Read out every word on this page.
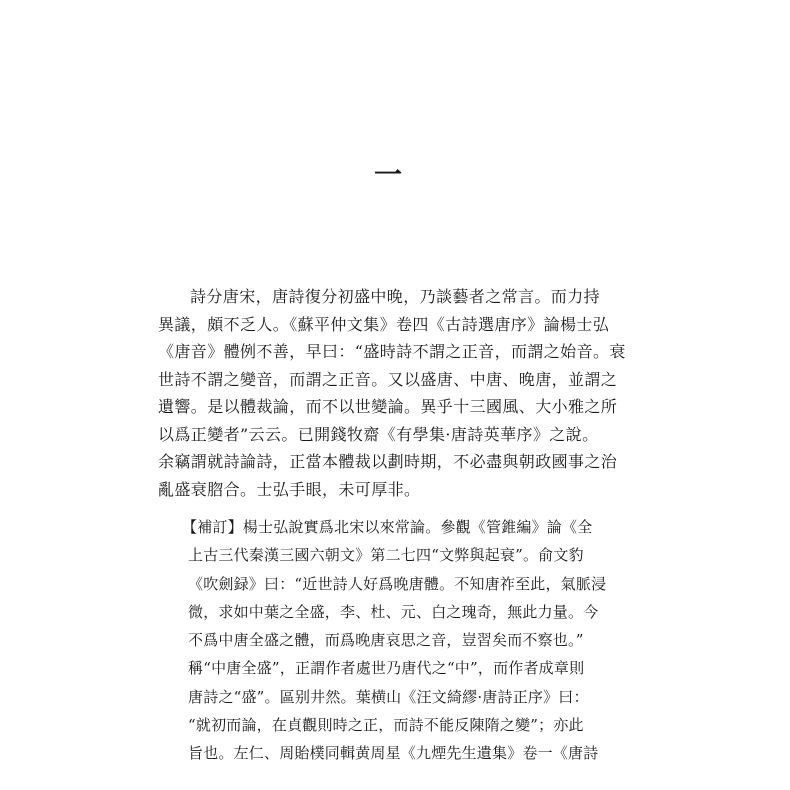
一
詩分唐宋，唐詩復分初盛中晚，乃談藝者之常言。而力持
異議，頗不乏人。《蘇平仲文集》卷四《古詩選唐序》論楊士弘
《唐音》體例不善，早曰：“盛時詩不謂之正音，而謂之始音。衰
世詩不謂之變音，而謂之正音。又以盛唐、中唐、晚唐，並謂之
遺響。是以體裁論，而不以世變論。異乎十三國風、大小雅之所
以爲正變者”云云。已開錢牧齋《有學集·唐詩英華序》之說。
余竊謂就詩論詩，正當本體裁以劃時期，不必盡與朝政國事之治
亂盛衰脗合。士弘手眼，未可厚非。
【補訂】楊士弘說實爲北宋以來常論。參觀《管錐編》論《全
上古三代秦漢三國六朝文》第二七四“文弊與起衰”。俞文豹
《吹劍録》曰：“近世詩人好爲晚唐體。不知唐祚至此，氣脈浸
微，求如中葉之全盛，李、杜、元、白之瑰奇，無此力量。今
不爲中唐全盛之體，而爲晚唐哀思之音，豈習矣而不察也。”
稱“中唐全盛”，正謂作者處世乃唐代之“中”，而作者成章則
唐詩之“盛”。區别井然。葉横山《汪文綺繆·唐詩正序》曰：
“就初而論，在貞觀則時之正，而詩不能反陳隋之變”；亦此
旨也。左仁、周貽樸同輯黄周星《九煙先生遺集》卷一《唐詩
